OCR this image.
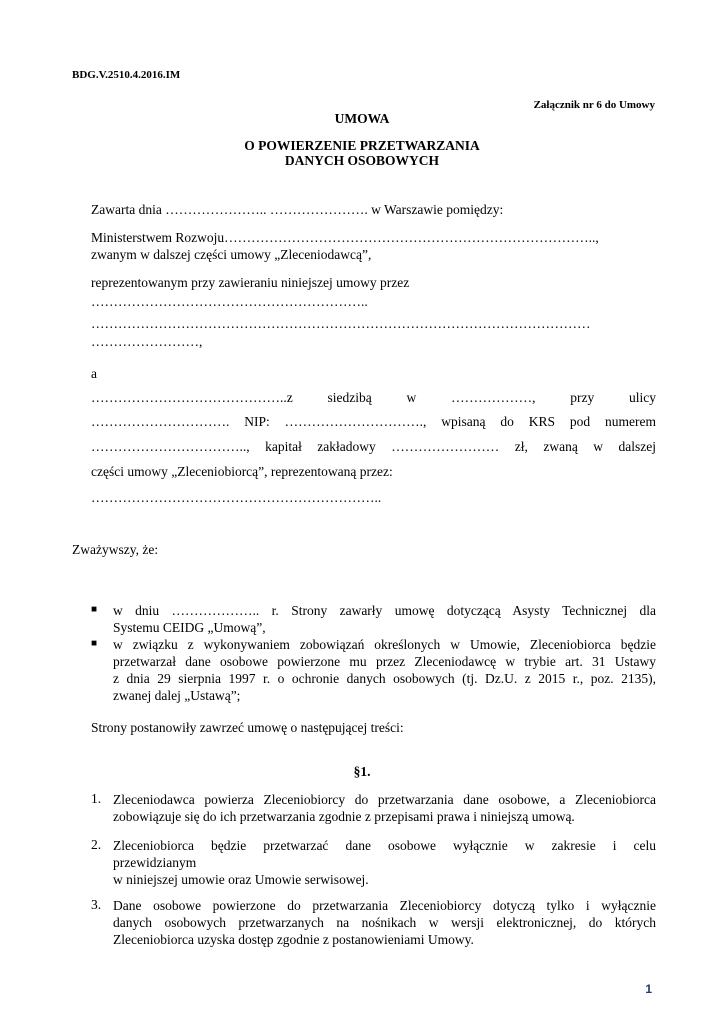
BDG.V.2510.4.2016.IM
Załącznik nr 6 do Umowy
UMOWA
O POWIERZENIE PRZETWARZANIA
DANYCH OSOBOWYCH
Zawarta dnia ………………….. …………………. w Warszawie pomiędzy:
Ministerstwem Rozwoju………………………………………………………………………..,
zwanym w dalszej części umowy „Zleceniodawcą”,
reprezentowanym przy zawieraniu niniejszej umowy przez
……………………………………………………..
…………………………………………………………………………………………………
……………………,
a
……………………………………..z siedzibą w ………………, przy ulicy
…………………………. NIP: …………………………., wpisaną do KRS pod numerem
…………………………….., kapitał zakładowy …………………… zł, zwaną w dalszej
części umowy „Zleceniobiorcą”, reprezentowaną przez:
………………………………………………………..
Zważywszy, że:
■ w dniu ……………….. r. Strony zawarły umowę dotyczącą Asysty Technicznej dla
Systemu CEIDG „Umową”,
■ w związku z wykonywaniem zobowiązań określonych w Umowie, Zleceniobiorca będzie
przetwarzał dane osobowe powierzone mu przez Zleceniodawcę w trybie art. 31 Ustawy
z dnia 29 sierpnia 1997 r. o ochronie danych osobowych (tj. Dz.U. z 2015 r., poz. 2135),
zwanej dalej „Ustawą”;
Strony postanowiły zawrzeć umowę o następującej treści:
§1.
1. Zleceniodawca powierza Zleceniobiorcy do przetwarzania dane osobowe, a Zleceniobiorca
zobowiązuje się do ich przetwarzania zgodnie z przepisami prawa i niniejszą umową.
2. Zleceniobiorca będzie przetwarzać dane osobowe wyłącznie w zakresie i celu
przewidzianym
w niniejszej umowie oraz Umowie serwisowej.
3. Dane osobowe powierzone do przetwarzania Zleceniobiorcy dotyczą tylko i wyłącznie
danych osobowych przetwarzanych na nośnikach w wersji elektronicznej, do których
Zleceniobiorca uzyska dostęp zgodnie z postanowieniami Umowy.
1
